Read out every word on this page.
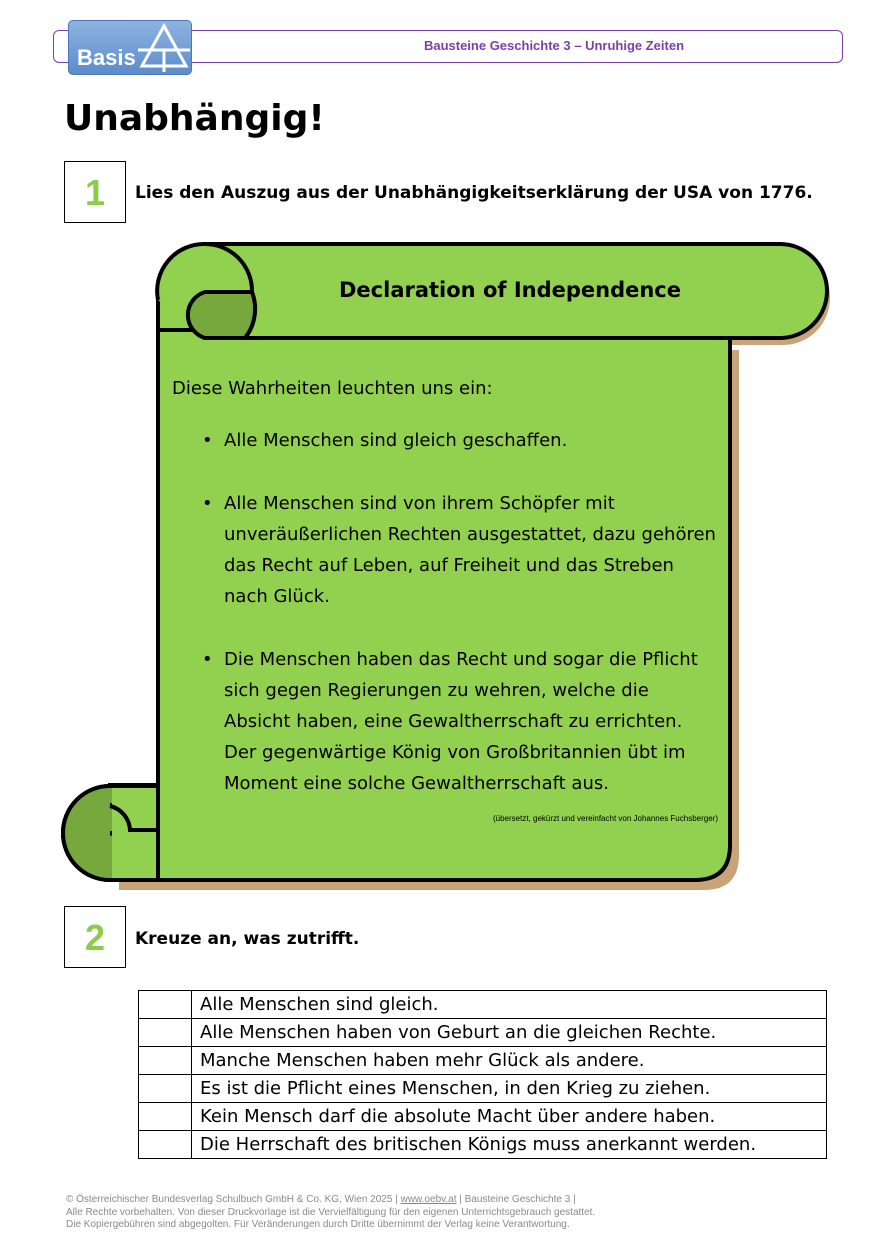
Bausteine Geschichte 3 – Unruhige Zeiten
Basis
Unabhängig!
1	Lies den Auszug aus der Unabhängigkeitserklärung der USA von 1776.
Declaration of Independence

Diese Wahrheiten leuchten uns ein:

• Alle Menschen sind gleich geschaffen.
• Alle Menschen sind von ihrem Schöpfer mit unveräußerlichen Rechten ausgestattet, dazu gehören das Recht auf Leben, auf Freiheit und das Streben nach Glück.
• Die Menschen haben das Recht und sogar die Pflicht sich gegen Regierungen zu wehren, welche die Absicht haben, eine Gewaltherrschaft zu errichten. Der gegenwärtige König von Großbritannien übt im Moment eine solche Gewaltherrschaft aus.
(übersetzt, gekürzt und vereinfacht von Johannes Fuchsberger)
2	Kreuze an, was zutrifft.
	Alle Menschen sind gleich.
	Alle Menschen haben von Geburt an die gleichen Rechte.
	Manche Menschen haben mehr Glück als andere.
	Es ist die Pflicht eines Menschen, in den Krieg zu ziehen.
	Kein Mensch darf die absolute Macht über andere haben.
	Die Herrschaft des britischen Königs muss anerkannt werden.
© Österreichischer Bundesverlag Schulbuch GmbH & Co. KG, Wien 2025 | www.oebv.at | Bausteine Geschichte 3 |
Alle Rechte vorbehalten. Von dieser Druckvorlage ist die Vervielfältigung für den eigenen Unterrichtsgebrauch gestattet.
Die Kopiergebühren sind abgegolten. Für Veränderungen durch Dritte übernimmt der Verlag keine Verantwortung.
